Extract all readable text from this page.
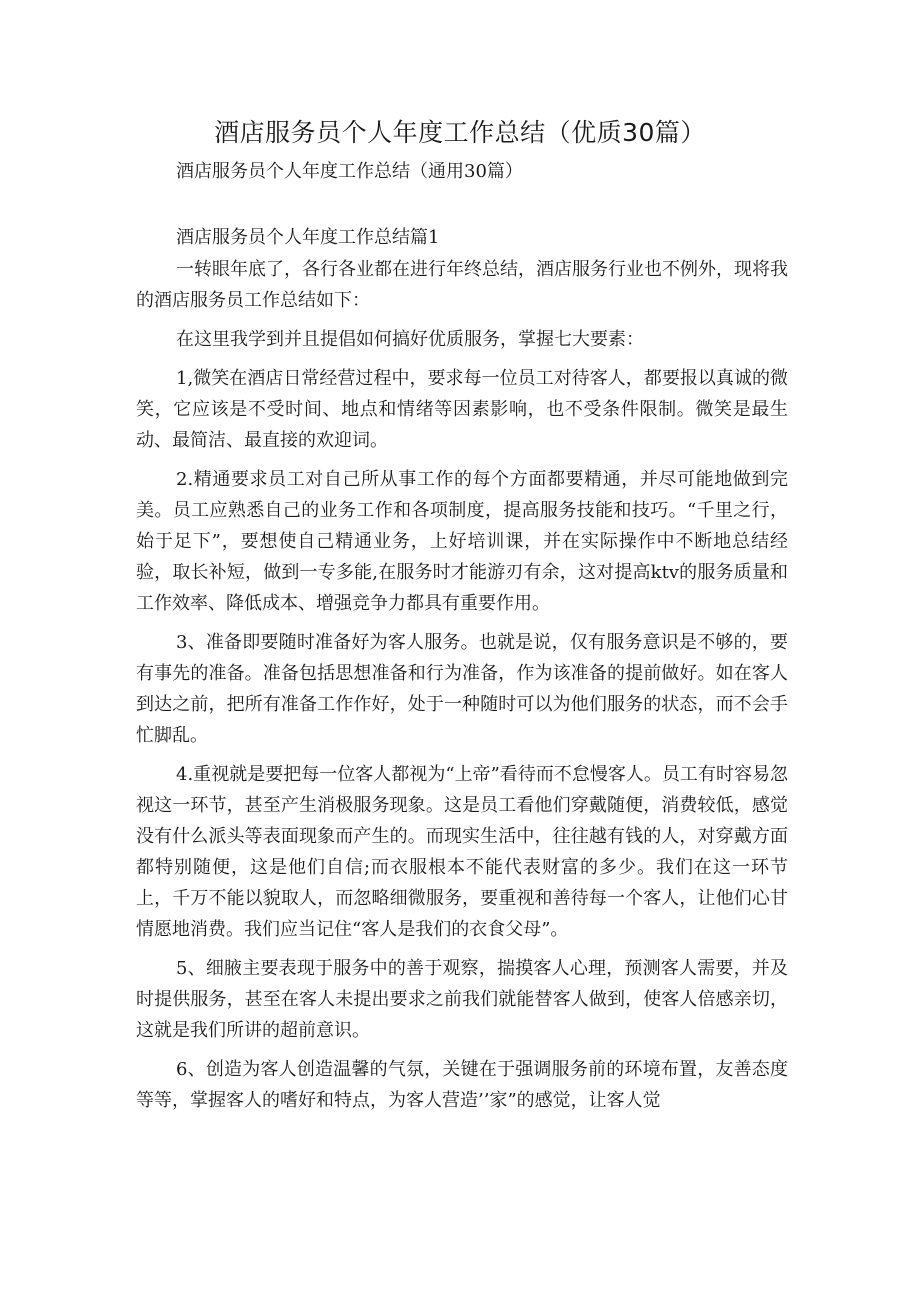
酒店服务员个人年度工作总结（优质30篇）

酒店服务员个人年度工作总结（通用30篇）

酒店服务员个人年度工作总结篇1

一转眼年底了，各行各业都在进行年终总结，酒店服务行业也不例外，现将我的酒店服务员工作总结如下：

在这里我学到并且提倡如何搞好优质服务，掌握七大要素：

1,微笑在酒店日常经营过程中，要求每一位员工对待客人，都要报以真诚的微笑，它应该是不受时间、地点和情绪等因素影响，也不受条件限制。微笑是最生动、最简洁、最直接的欢迎词。

2.精通要求员工对自己所从事工作的每个方面都要精通，并尽可能地做到完美。员工应熟悉自己的业务工作和各项制度，提高服务技能和技巧。“千里之行，始于足下”，要想使自己精通业务，上好培训课，并在实际操作中不断地总结经验，取长补短，做到一专多能,在服务时才能游刃有余，这对提高ktv的服务质量和工作效率、降低成本、增强竞争力都具有重要作用。

3、准备即要随时准备好为客人服务。也就是说，仅有服务意识是不够的，要有事先的准备。准备包括思想准备和行为准备，作为该准备的提前做好。如在客人到达之前，把所有准备工作作好，处于一种随时可以为他们服务的状态，而不会手忙脚乱。

4.重视就是要把每一位客人都视为“上帝”看待而不怠慢客人。员工有时容易忽视这一环节，甚至产生消极服务现象。这是员工看他们穿戴随便，消费较低，感觉没有什么派头等表面现象而产生的。而现实生活中，往往越有钱的人，对穿戴方面都特别随便，这是他们自信;而衣服根本不能代表财富的多少。我们在这一环节上，千万不能以貌取人，而忽略细微服务，要重视和善待每一个客人，让他们心甘情愿地消费。我们应当记住“客人是我们的衣食父母”。

5、细腋主要表现于服务中的善于观察，揣摸客人心理，预测客人需要，并及时提供服务，甚至在客人未提出要求之前我们就能替客人做到，使客人倍感亲切，这就是我们所讲的超前意识。

6、创造为客人创造温馨的气氛，关键在于强调服务前的环境布置，友善态度等等，掌握客人的嗜好和特点，为客人营造’’家”的感觉，让客人觉
